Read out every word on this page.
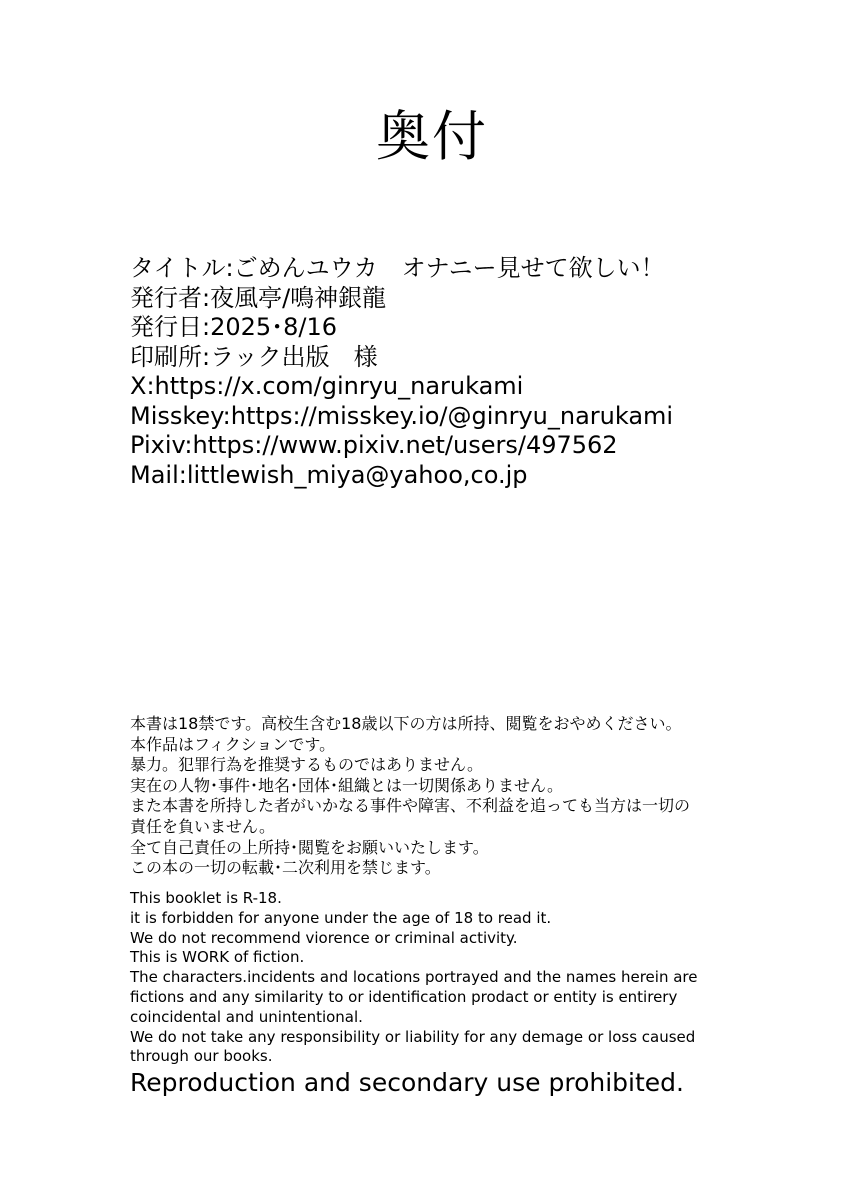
奥付
タイトル:ごめんユウカ　オナニー見せて欲しい！
発行者:夜風亭/鳴神銀龍
発行日:2025･8/16
印刷所:ラック出版　様
X:https://x.com/ginryu_narukami
Misskey:https://misskey.io/@ginryu_narukami
Pixiv:https://www.pixiv.net/users/497562
Mail:littlewish_miya@yahoo,co.jp
本書は18禁です。高校生含む18歳以下の方は所持、閲覧をおやめください。
本作品はフィクションです。
暴力。犯罪行為を推奨するものではありません。
実在の人物･事件･地名･団体･組織とは一切関係ありません。
また本書を所持した者がいかなる事件や障害、不利益を追っても当方は一切の
責任を負いません。
全て自己責任の上所持･閲覧をお願いいたします。
この本の一切の転載･二次利用を禁じます。
This booklet is R-18.
it is forbidden for anyone under the age of 18 to read it.
We do not recommend viorence or criminal activity.
This is WORK of fiction.
The characters.incidents and locations portrayed and the names herein are
fictions and any similarity to or identification prodact or entity is entirery
coincidental and unintentional.
We do not take any responsibility or liability for any demage or loss caused
through our books.
Reproduction and secondary use prohibited.
